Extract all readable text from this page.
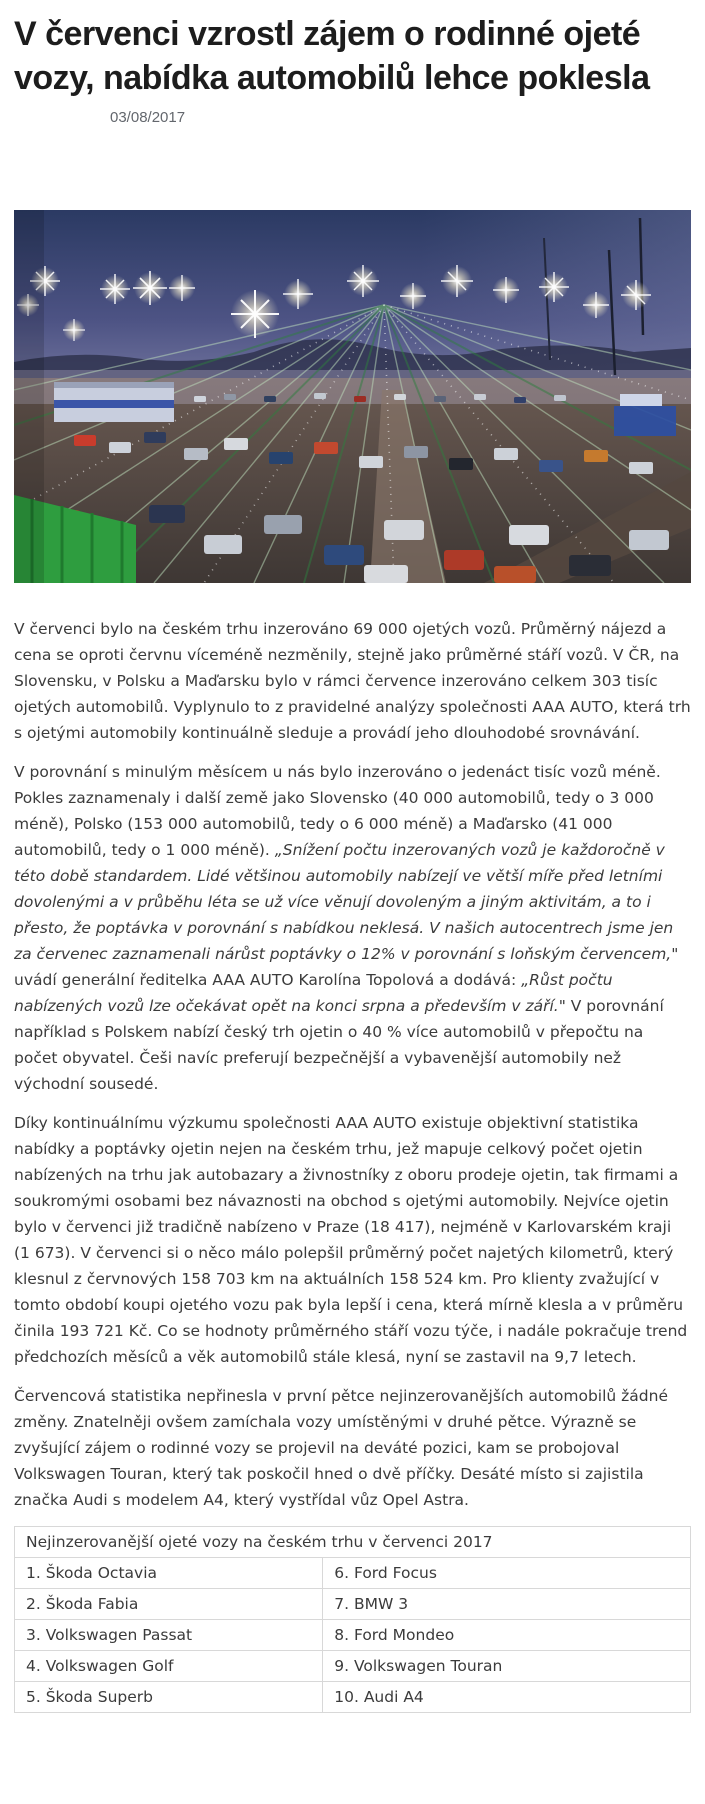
V červenci vzrostl zájem o rodinné ojeté vozy, nabídka automobilů lehce poklesla
03/08/2017

V červenci bylo na českém trhu inzerováno 69 000 ojetých vozů. Průměrný nájezd a cena se oproti červnu víceméně nezměnily, stejně jako průměrné stáří vozů. V ČR, na Slovensku, v Polsku a Maďarsku bylo v rámci července inzerováno celkem 303 tisíc ojetých automobilů. Vyplynulo to z pravidelné analýzy společnosti AAA AUTO, která trh s ojetými automobily kontinuálně sleduje a provádí jeho dlouhodobé srovnávání.

V porovnání s minulým měsícem u nás bylo inzerováno o jedenáct tisíc vozů méně. Pokles zaznamenaly i další země jako Slovensko (40 000 automobilů, tedy o 3 000 méně), Polsko (153 000 automobilů, tedy o 6 000 méně) a Maďarsko (41 000 automobilů, tedy o 1 000 méně). „Snížení počtu inzerovaných vozů je každoročně v této době standardem. Lidé většinou automobily nabízejí ve větší míře před letními dovolenými a v průběhu léta se už více věnují dovoleným a jiným aktivitám, a to i přesto, že poptávka v porovnání s nabídkou neklesá. V našich autocentrech jsme jen za červenec zaznamenali nárůst poptávky o 12% v porovnání s loňským červencem," uvádí generální ředitelka AAA AUTO Karolína Topolová a dodává: „Růst počtu nabízených vozů lze očekávat opět na konci srpna a především v září." V porovnání například s Polskem nabízí český trh ojetin o 40 % více automobilů v přepočtu na počet obyvatel. Češi navíc preferují bezpečnější a vybavenější automobily než východní sousedé.

Díky kontinuálnímu výzkumu společnosti AAA AUTO existuje objektivní statistika nabídky a poptávky ojetin nejen na českém trhu, jež mapuje celkový počet ojetin nabízených na trhu jak autobazary a živnostníky z oboru prodeje ojetin, tak firmami a soukromými osobami bez návaznosti na obchod s ojetými automobily. Nejvíce ojetin bylo v červenci již tradičně nabízeno v Praze (18 417), nejméně v Karlovarském kraji (1 673). V červenci si o něco málo polepšil průměrný počet najetých kilometrů, který klesnul z červnových 158 703 km na aktuálních 158 524 km. Pro klienty zvažující v tomto období koupi ojetého vozu pak byla lepší i cena, která mírně klesla a v průměru činila 193 721 Kč. Co se hodnoty průměrného stáří vozu týče, i nadále pokračuje trend předchozích měsíců a věk automobilů stále klesá, nyní se zastavil na 9,7 letech.

Červencová statistika nepřinesla v první pětce nejinzerovanějších automobilů žádné změny. Znatelněji ovšem zamíchala vozy umístěnými v druhé pětce. Výrazně se zvyšující zájem o rodinné vozy se projevil na deváté pozici, kam se probojoval Volkswagen Touran, který tak poskočil hned o dvě příčky. Desáté místo si zajistila značka Audi s modelem A4, který vystřídal vůz Opel Astra.

Nejinzerovanější ojeté vozy na českém trhu v červenci 2017	
1. Škoda Octavia	6. Ford Focus
2. Škoda Fabia	7. BMW 3
3. Volkswagen Passat	8. Ford Mondeo
4. Volkswagen Golf	9. Volkswagen Touran
5. Škoda Superb	10. Audi A4
